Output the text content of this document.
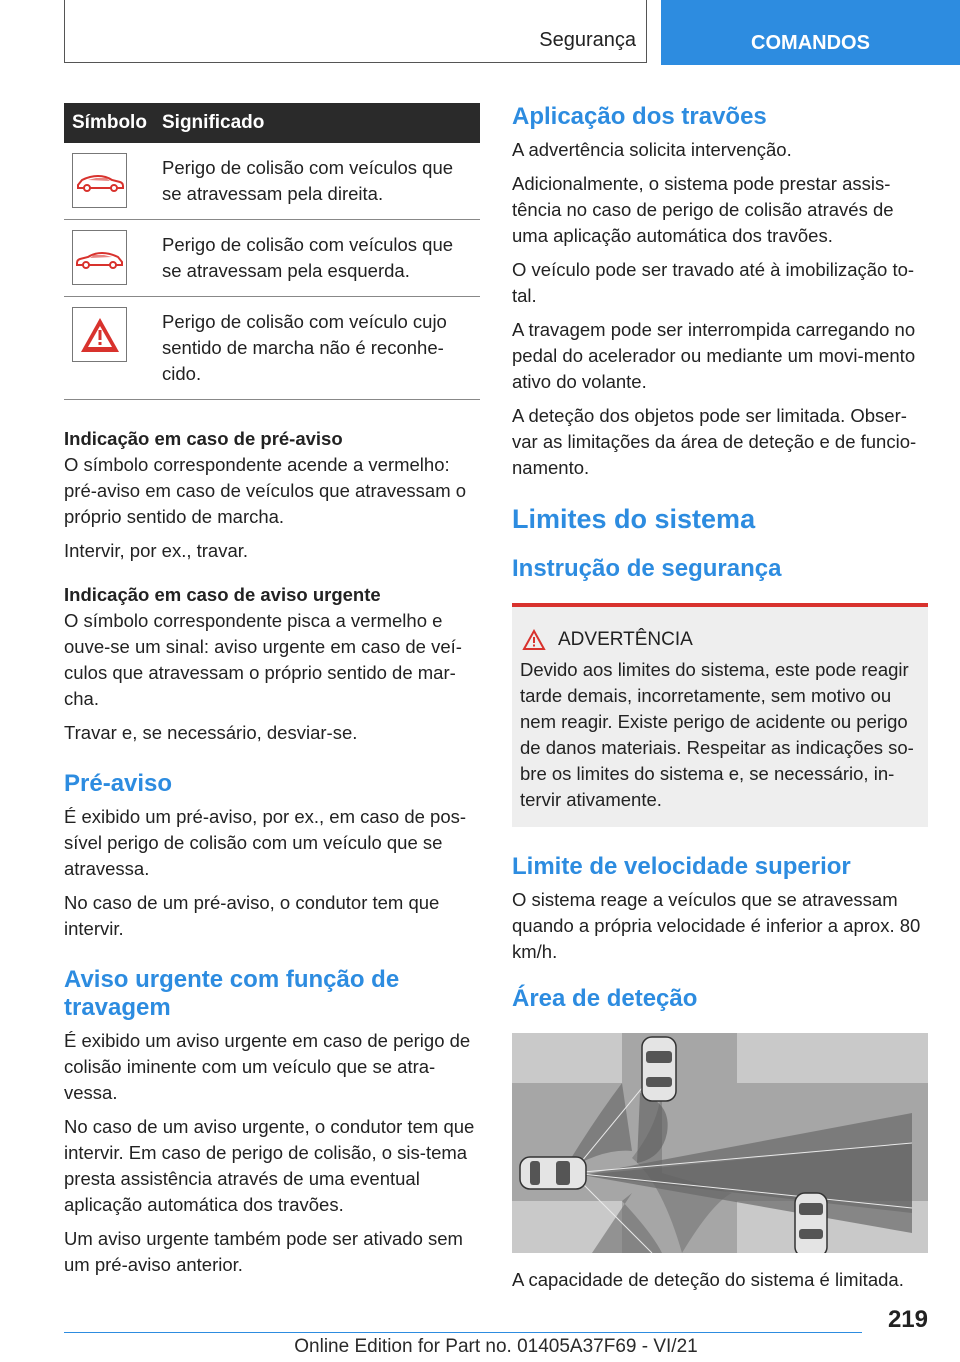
Segurança	COMANDOS
Símbolo	Significado

	Perigo de colisão com veículos que se atravessam pela direita.

	Perigo de colisão com veículos que se atravessam pela esquerda.

	Perigo de colisão com veículo cujo sentido de marcha não é reconhe-cido.

Indicação em caso de pré-aviso

O símbolo correspondente acende a vermelho: pré-aviso em caso de veículos que atravessam o próprio sentido de marcha.

Intervir, por ex., travar.

Indicação em caso de aviso urgente

O símbolo correspondente pisca a vermelho e ouve-se um sinal: aviso urgente em caso de veí-culos que atravessam o próprio sentido de mar-cha.

Travar e, se necessário, desviar-se.

Pré-aviso

É exibido um pré-aviso, por ex., em caso de pos-sível perigo de colisão com um veículo que se atravessa.

No caso de um pré-aviso, o condutor tem que intervir.

Aviso urgente com função de travagem

É exibido um aviso urgente em caso de perigo de colisão iminente com um veículo que se atra-vessa.

No caso de um aviso urgente, o condutor tem que intervir. Em caso de perigo de colisão, o sis-tema presta assistência através de uma eventual aplicação automática dos travões.

Um aviso urgente também pode ser ativado sem um pré-aviso anterior.

Aplicação dos travões

A advertência solicita intervenção.

Adicionalmente, o sistema pode prestar assis-tência no caso de perigo de colisão através de uma aplicação automática dos travões.

O veículo pode ser travado até à imobilização to-tal.

A travagem pode ser interrompida carregando no pedal do acelerador ou mediante um movi-mento ativo do volante.

A deteção dos objetos pode ser limitada. Obser-var as limitações da área de deteção e de funcio-namento.

Limites do sistema

Instrução de segurança

ADVERTÊNCIA

Devido aos limites do sistema, este pode reagir tarde demais, incorretamente, sem motivo ou nem reagir. Existe perigo de acidente ou perigo de danos materiais. Respeitar as indicações so-bre os limites do sistema e, se necessário, in-tervir ativamente.

Limite de velocidade superior

O sistema reage a veículos que se atravessam quando a própria velocidade é inferior a aprox. 80 km/h.

Área de deteção

A capacidade de deteção do sistema é limitada.

219
Online Edition for Part no. 01405A37F69 - VI/21
